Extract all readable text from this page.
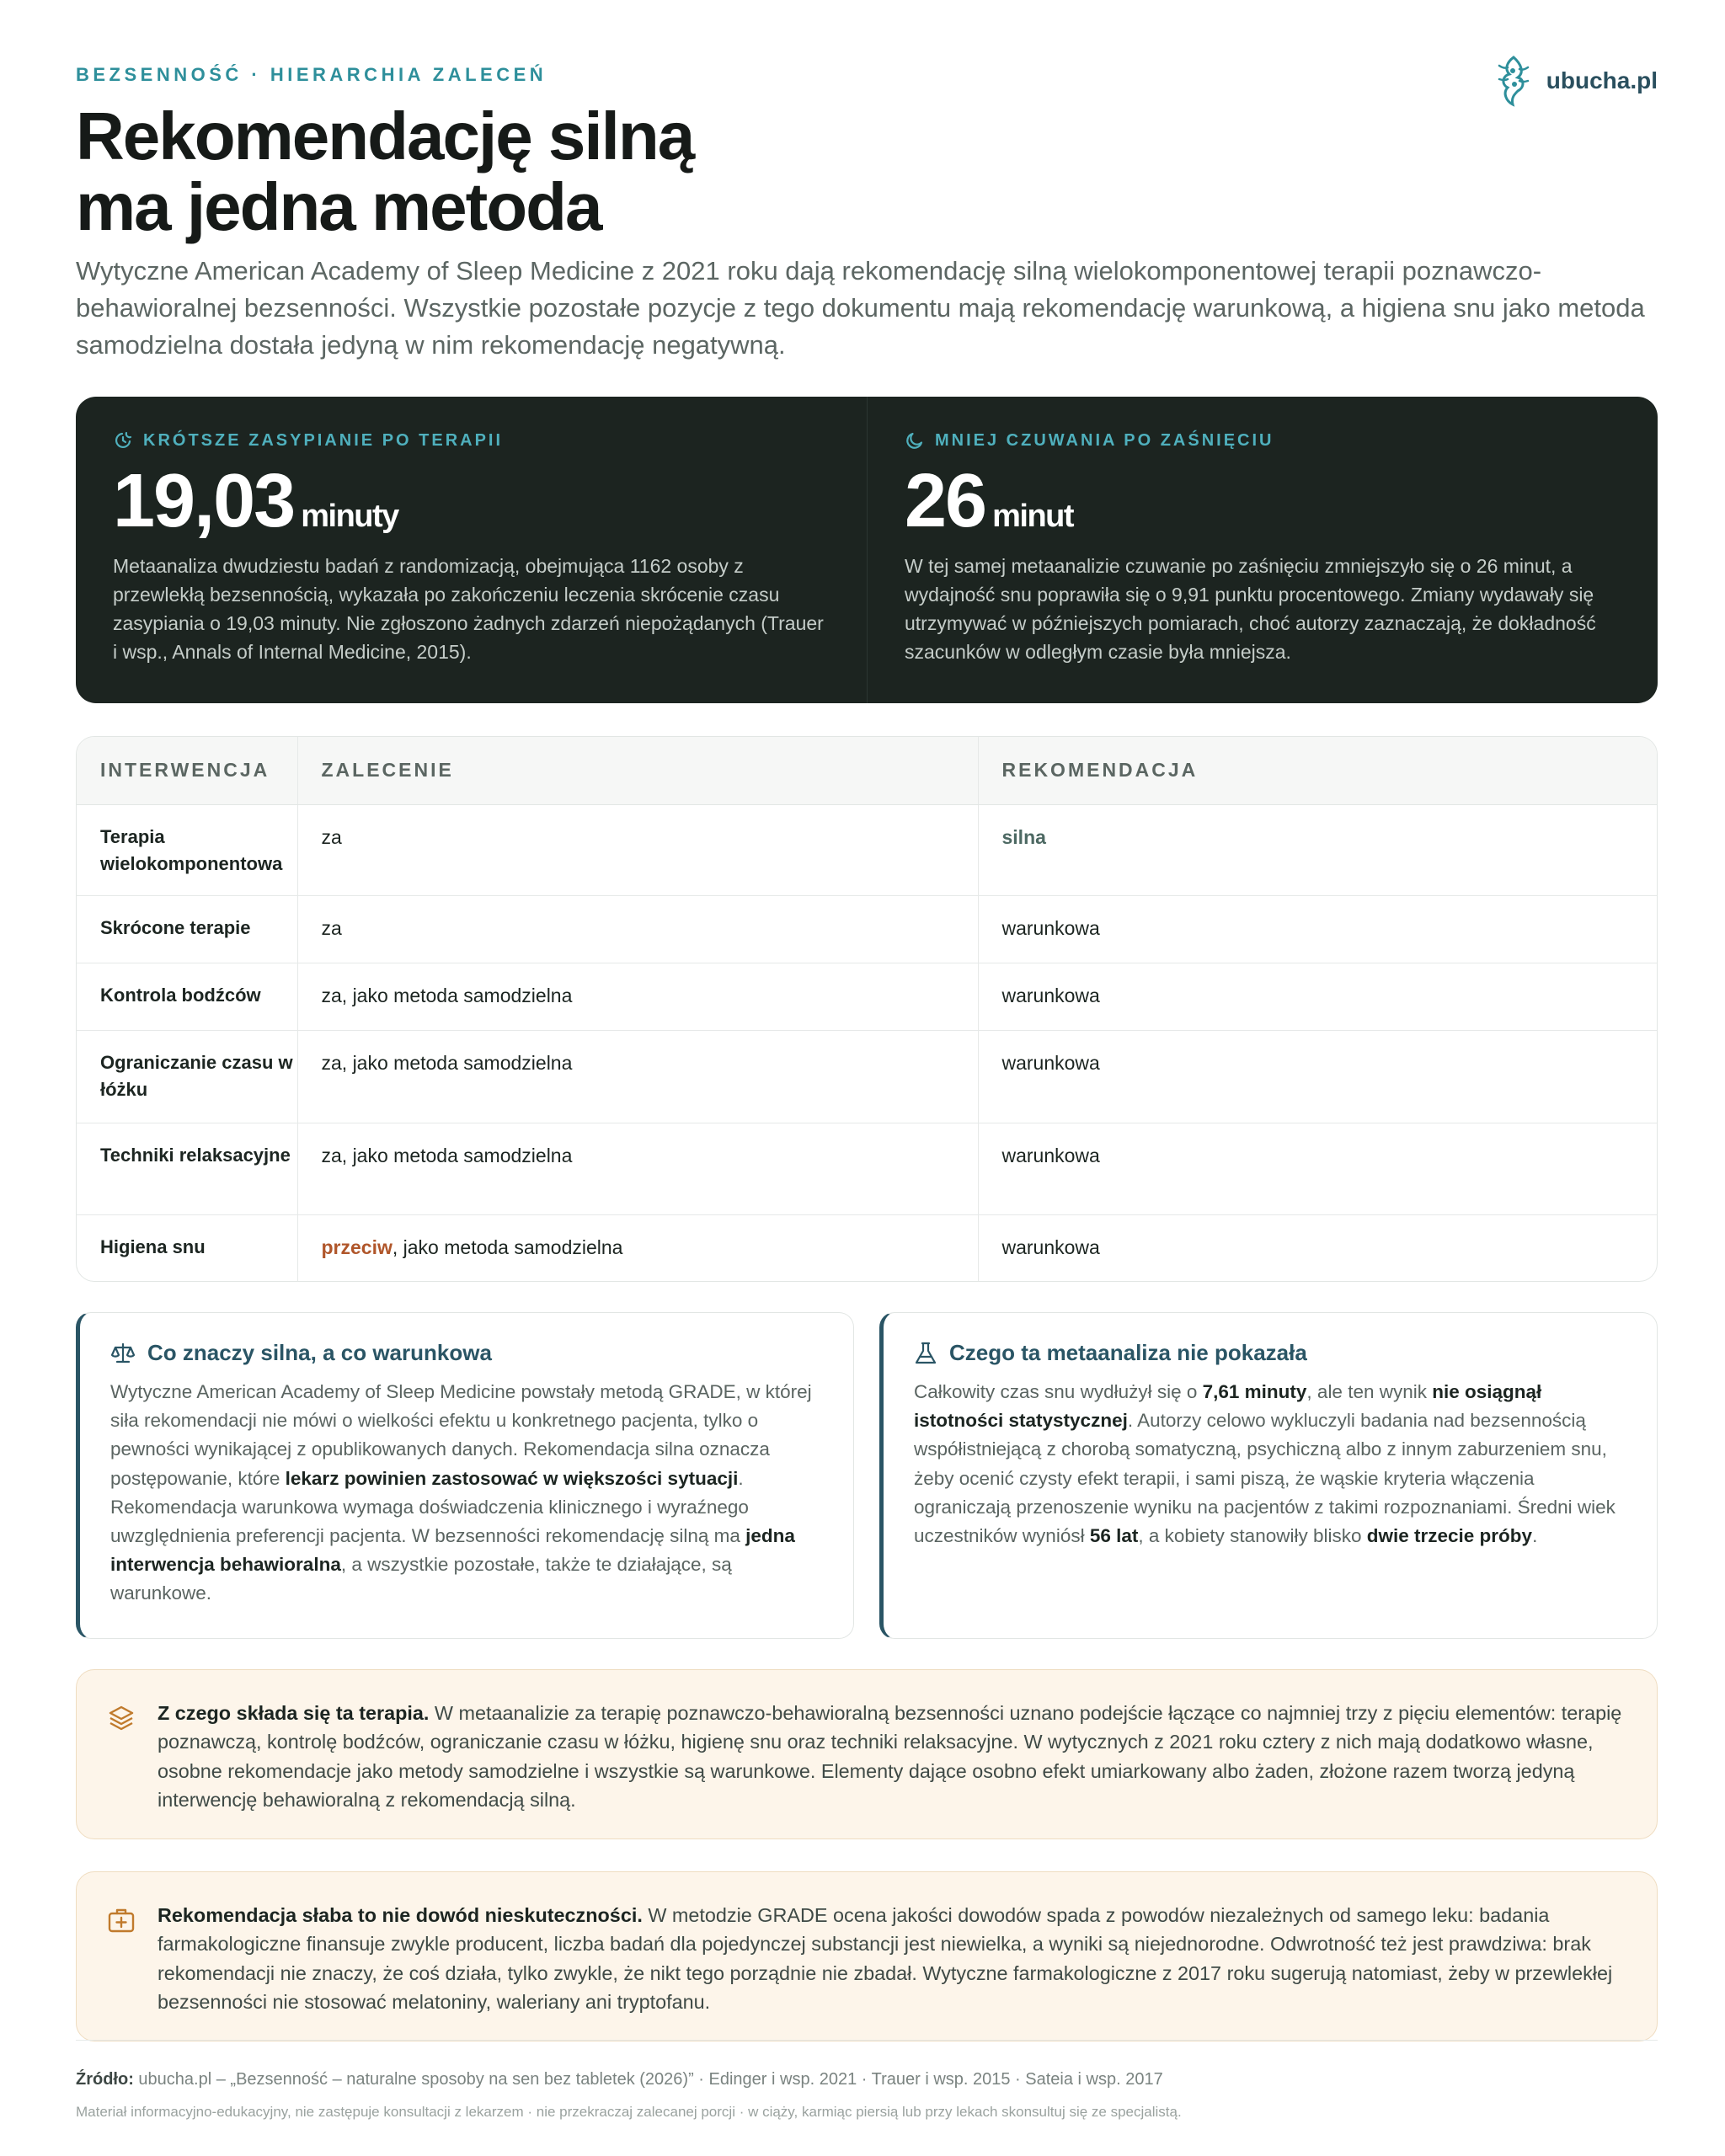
BEZSENNOŚĆ · HIERARCHIA ZALECEŃ	ubucha.pl
Rekomendację silną
ma jedna metoda

Wytyczne American Academy of Sleep Medicine z 2021 roku dają rekomendację silną wielokomponentowej terapii poznawczo-behawioralnej bezsenności. Wszystkie pozostałe pozycje z tego dokumentu mają rekomendację warunkową, a higiena snu jako metoda samodzielna dostała jedyną w nim rekomendację negatywną.

KRÓTSZE ZASYPIANIE PO TERAPII
19,03 minuty

Metaanaliza dwudziestu badań z randomizacją, obejmująca 1162 osoby z przewlekłą bezsennością, wykazała po zakończeniu leczenia skrócenie czasu zasypiania o 19,03 minuty. Nie zgłoszono żadnych zdarzeń niepożądanych (Trauer i wsp., Annals of Internal Medicine, 2015).

MNIEJ CZUWANIA PO ZAŚNIĘCIU
26 minut

W tej samej metaanalizie czuwanie po zaśnięciu zmniejszyło się o 26 minut, a wydajność snu poprawiła się o 9,91 punktu procentowego. Zmiany wydawały się utrzymywać w późniejszych pomiarach, choć autorzy zaznaczają, że dokładność szacunków w odległym czasie była mniejsza.

INTERWENCJA	ZALECENIE	REKOMENDACJA
Terapia wielokomponentowa	za	silna
Skrócone terapie	za	warunkowa
Kontrola bodźców	za, jako metoda samodzielna	warunkowa
Ograniczanie czasu w łóżku	za, jako metoda samodzielna	warunkowa
Techniki relaksacyjne	za, jako metoda samodzielna	warunkowa
Higiena snu	przeciw, jako metoda samodzielna	warunkowa
Co znaczy silna, a co warunkowa

Wytyczne American Academy of Sleep Medicine powstały metodą GRADE, w której siła rekomendacji nie mówi o wielkości efektu u konkretnego pacjenta, tylko o pewności wynikającej z opublikowanych danych. Rekomendacja silna oznacza postępowanie, które lekarz powinien zastosować w większości sytuacji. Rekomendacja warunkowa wymaga doświadczenia klinicznego i wyraźnego uwzględnienia preferencji pacjenta. W bezsenności rekomendację silną ma jedna interwencja behawioralna, a wszystkie pozostałe, także te działające, są warunkowe.

Czego ta metaanaliza nie pokazała

Całkowity czas snu wydłużył się o 7,61 minuty, ale ten wynik nie osiągnął istotności statystycznej. Autorzy celowo wykluczyli badania nad bezsennością współistniejącą z chorobą somatyczną, psychiczną albo z innym zaburzeniem snu, żeby ocenić czysty efekt terapii, i sami piszą, że wąskie kryteria włączenia ograniczają przenoszenie wyniku na pacjentów z takimi rozpoznaniami. Średni wiek uczestników wyniósł 56 lat, a kobiety stanowiły blisko dwie trzecie próby.

Z czego składa się ta terapia. W metaanalizie za terapię poznawczo-behawioralną bezsenności uznano podejście łączące co najmniej trzy z pięciu elementów: terapię poznawczą, kontrolę bodźców, ograniczanie czasu w łóżku, higienę snu oraz techniki relaksacyjne. W wytycznych z 2021 roku cztery z nich mają dodatkowo własne, osobne rekomendacje jako metody samodzielne i wszystkie są warunkowe. Elementy dające osobno efekt umiarkowany albo żaden, złożone razem tworzą jedyną interwencję behawioralną z rekomendacją silną.

Rekomendacja słaba to nie dowód nieskuteczności. W metodzie GRADE ocena jakości dowodów spada z powodów niezależnych od samego leku: badania farmakologiczne finansuje zwykle producent, liczba badań dla pojedynczej substancji jest niewielka, a wyniki są niejednorodne. Odwrotność też jest prawdziwa: brak rekomendacji nie znaczy, że coś działa, tylko zwykle, że nikt tego porządnie nie zbadał. Wytyczne farmakologiczne z 2017 roku sugerują natomiast, żeby w przewlekłej bezsenności nie stosować melatoniny, waleriany ani tryptofanu.

Źródło: ubucha.pl – „Bezsenność – naturalne sposoby na sen bez tabletek (2026)” · Edinger i wsp. 2021 · Trauer i wsp. 2015 · Sateia i wsp. 2017

Materiał informacyjno-edukacyjny, nie zastępuje konsultacji z lekarzem · nie przekraczaj zalecanej porcji · w ciąży, karmiąc piersią lub przy lekach skonsultuj się ze specjalistą.
